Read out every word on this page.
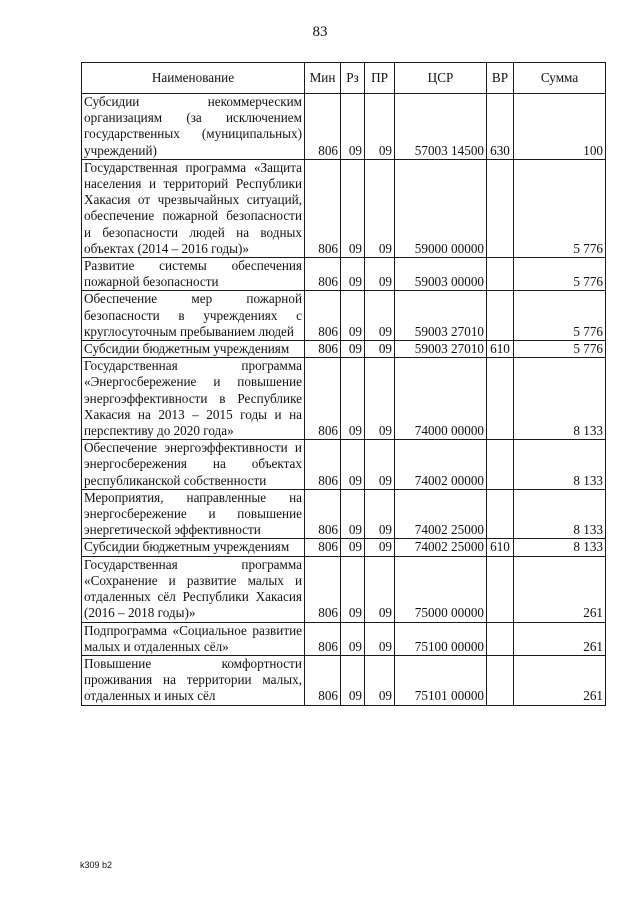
83
Наименование	Мин	Рз	ПР	ЦСР	ВР	Сумма
Субсидии некоммерческим организациям (за исключением государственных (муниципальных) учреждений)	806	09	09	57003 14500	630	100
Государственная программа «Защита населения и территорий Республики Хакасия от чрезвычайных ситуаций, обеспечение пожарной безопасности и безопасности людей на водных объектах (2014 – 2016 годы)»	806	09	09	59000 00000		5 776
Развитие системы обеспечения пожарной безопасности	806	09	09	59003 00000		5 776
Обеспечение мер пожарной безопасности в учреждениях с круглосуточным пребыванием людей	806	09	09	59003 27010		5 776
Субсидии бюджетным учреждениям	806	09	09	59003 27010	610	5 776
Государственная программа «Энергосбережение и повышение энергоэффективности в Республике Хакасия на 2013 – 2015 годы и на перспективу до 2020 года»	806	09	09	74000 00000		8 133
Обеспечение энергоэффективности и энергосбережения на объектах республиканской собственности	806	09	09	74002 00000		8 133
Мероприятия, направленные на энергосбережение и повышение энергетической эффективности	806	09	09	74002 25000		8 133
Субсидии бюджетным учреждениям	806	09	09	74002 25000	610	8 133
Государственная программа «Сохранение и развитие малых и отдаленных сёл Республики Хакасия (2016 – 2018 годы)»	806	09	09	75000 00000		261
Подпрограмма «Социальное развитие малых и отдаленных сёл»	806	09	09	75100 00000		261
Повышение комфортности проживания на территории малых, отдаленных и иных сёл	806	09	09	75101 00000		261
k309 b2
